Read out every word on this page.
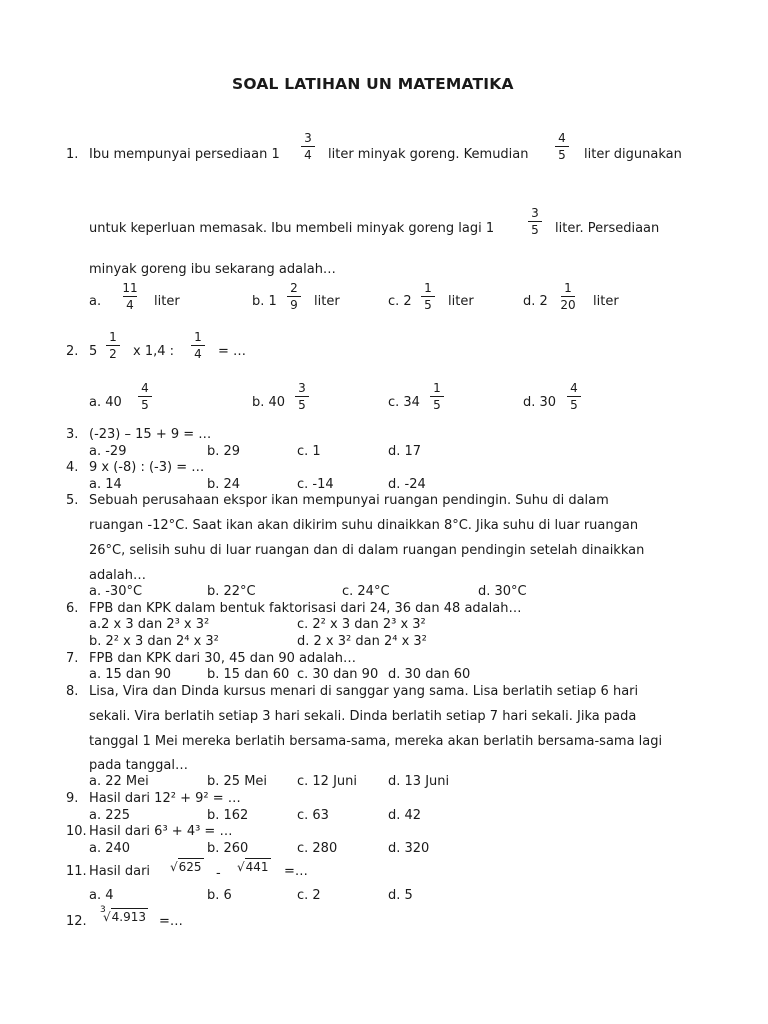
SOAL LATIHAN UN MATEMATIKA
1. Ibu mempunyai persediaan 1
3
4	liter minyak goreng. Kemudian
4
5	liter digunakan
untuk keperluan memasak. Ibu membeli minyak goreng lagi 1
3
5	liter. Persediaan
minyak goreng ibu sekarang adalah…
a.
11
4	liter	b. 1
2
9	liter	c. 2
1
5	liter	d. 2
1
20	liter
2. 5
1
2	x 1,4 :
1
4	= …
a. 40
4
5	b. 40
3
5	c. 34
1
5	d. 30
4
5
3. (-23) – 15 + 9 = …
a. -29	b. 29	c. 1	d. 17
4. 9 x (-8) : (-3) = …
a. 14	b. 24	c. -14	d. -24
5. Sebuah perusahaan ekspor ikan mempunyai ruangan pendingin. Suhu di dalam
ruangan -12°C. Saat ikan akan dikirim suhu dinaikkan 8°C. Jika suhu di luar ruangan
26°C, selisih suhu di luar ruangan dan di dalam ruangan pendingin setelah dinaikkan
adalah…
a. -30°C	b. 22°C	c. 24°C	d. 30°C
6. FPB dan KPK dalam bentuk faktorisasi dari 24, 36 dan 48 adalah…
a.2 x 3 dan 2³ x 3²	c. 2² x 3 dan 2³ x 3²
b. 2² x 3 dan 2⁴ x 3²	d. 2 x 3² dan 2⁴ x 3²
7. FPB dan KPK dari 30, 45 dan 90 adalah…
a. 15 dan 90	b. 15 dan 60 c. 30 dan 90 d. 30 dan 60
8. Lisa, Vira dan Dinda kursus menari di sanggar yang sama. Lisa berlatih setiap 6 hari
sekali. Vira berlatih setiap 3 hari sekali. Dinda berlatih setiap 7 hari sekali. Jika pada
tanggal 1 Mei mereka berlatih bersama-sama, mereka akan berlatih bersama-sama lagi
pada tanggal…
a. 22 Mei	b. 25 Mei c. 12 Juni d. 13 Juni
9. Hasil dari 12² + 9² = …
a. 225	b. 162	c. 63	d. 42
10. Hasil dari 6³ + 4³ = …
a. 240	b. 260	c. 280	d. 320
11. Hasil dari √625 - √441 =…
a. 4	b. 6	c. 2	d. 5
12.
3
√4.913 =…
